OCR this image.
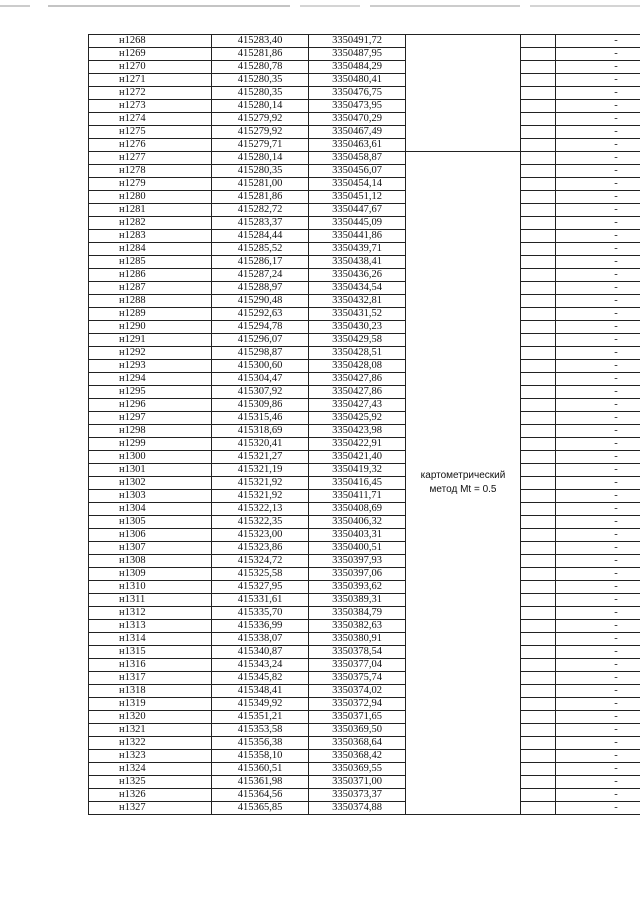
н1268	415283,40	3350491,72			-
н1269	415281,86	3350487,95			-
н1270	415280,78	3350484,29			-
н1271	415280,35	3350480,41			-
н1272	415280,35	3350476,75			-
н1273	415280,14	3350473,95			-
н1274	415279,92	3350470,29			-
н1275	415279,92	3350467,49			-
н1276	415279,71	3350463,61			-
н1277	415280,14	3350458,87	картометрический метод Mt = 0.5		-
н1278	415280,35	3350456,07			-
н1279	415281,00	3350454,14			-
н1280	415281,86	3350451,12			-
н1281	415282,72	3350447,67			-
н1282	415283,37	3350445,09			-
н1283	415284,44	3350441,86			-
н1284	415285,52	3350439,71			-
н1285	415286,17	3350438,41			-
н1286	415287,24	3350436,26			-
н1287	415288,97	3350434,54			-
н1288	415290,48	3350432,81			-
н1289	415292,63	3350431,52			-
н1290	415294,78	3350430,23			-
н1291	415296,07	3350429,58			-
н1292	415298,87	3350428,51			-
н1293	415300,60	3350428,08			-
н1294	415304,47	3350427,86			-
н1295	415307,92	3350427,86			-
н1296	415309,86	3350427,43			-
н1297	415315,46	3350425,92			-
н1298	415318,69	3350423,98			-
н1299	415320,41	3350422,91			-
н1300	415321,27	3350421,40			-
н1301	415321,19	3350419,32			-
н1302	415321,92	3350416,45			-
н1303	415321,92	3350411,71			-
н1304	415322,13	3350408,69			-
н1305	415322,35	3350406,32			-
н1306	415323,00	3350403,31			-
н1307	415323,86	3350400,51			-
н1308	415324,72	3350397,93			-
н1309	415325,58	3350397,06			-
н1310	415327,95	3350393,62			-
н1311	415331,61	3350389,31			-
н1312	415335,70	3350384,79			-
н1313	415336,99	3350382,63			-
н1314	415338,07	3350380,91			-
н1315	415340,87	3350378,54			-
н1316	415343,24	3350377,04			-
н1317	415345,82	3350375,74			-
н1318	415348,41	3350374,02			-
н1319	415349,92	3350372,94			-
н1320	415351,21	3350371,65			-
н1321	415353,58	3350369,50			-
н1322	415356,38	3350368,64			-
н1323	415358,10	3350368,42			-
н1324	415360,51	3350369,55			-
н1325	415361,98	3350371,00			-
н1326	415364,56	3350373,37			-
н1327	415365,85	3350374,88			-
